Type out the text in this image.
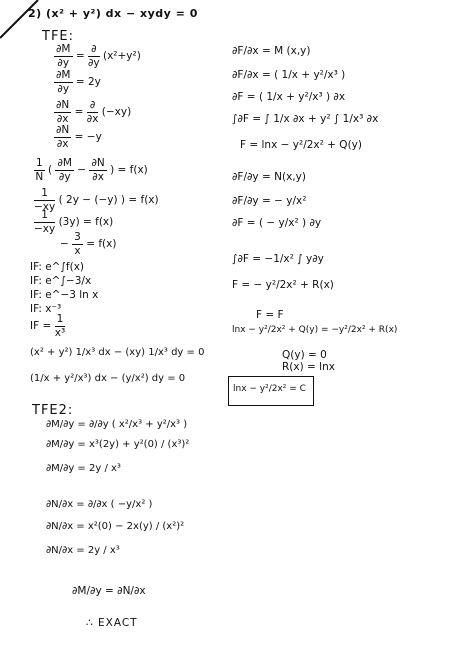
2) (x² + y²) dx − xydy = 0
TFE:
$\frac{\partial M}{\partial y} = \frac{\partial}{\partial y} (x^2+y^2)$
$\frac{\partial M}{\partial y} = 2y$
$\frac{\partial N}{\partial x} = \frac{\partial}{\partial x} (-xy)$
$\frac{\partial N}{\partial x} = -y$
$\frac{1}{N}$ ( $\frac{\partial M}{\partial y} - \frac{\partial N}{\partial x}$ ) = f(x)
$\frac{1}{-xy}$ ( 2y − (−y) ) = f(x)
$\frac{1}{-xy} (3y) = f(x)$
− $\frac{3}{x} = f(x)$
IF: e^∫f(x)
IF: e^∫−3/x
IF: e^−3 ln x
IF: x⁻³
IF = $\frac{1}{\text{x³}}$
(x² + y²) 1/x³ dx − (xy) 1/x³ dy = 0
(1/x + y²/x³) dx − (y/x²) dy = 0
TFE2:
∂M/∂y = ∂/∂y ( x²/x³ + y²/x³ )
∂M/∂y = x³(2y) + y²(0) / (x³)²
∂M/∂y = 2y / x³
∂N/∂x = ∂/∂x ( −y/x² )
∂N/∂x = x²(0) − 2x(y) / (x²)²
∂N/∂x = 2y / x³
∂M/∂y = ∂N/∂x
∴ EXACT
∂F/∂x = M (x,y)
∂F/∂x = ( 1/x + y²/x³ )
∂F = ( 1/x + y²/x³ ) ∂x
∫∂F = ∫ 1/x ∂x + y² ∫ 1/x³ ∂x
F = lnx − y²/2x² + Q(y)
∂F/∂y = N(x,y)
∂F/∂y = − y/x²
∂F = ( − y/x² ) ∂y
∫∂F = −1/x² ∫ y∂y
F = − y²/2x² + R(x)
F = F
lnx − y²/2x² + Q(y) = −y²/2x² + R(x)
Q(y) = 0
R(x) = lnx
lnx − y²/2x² = C
